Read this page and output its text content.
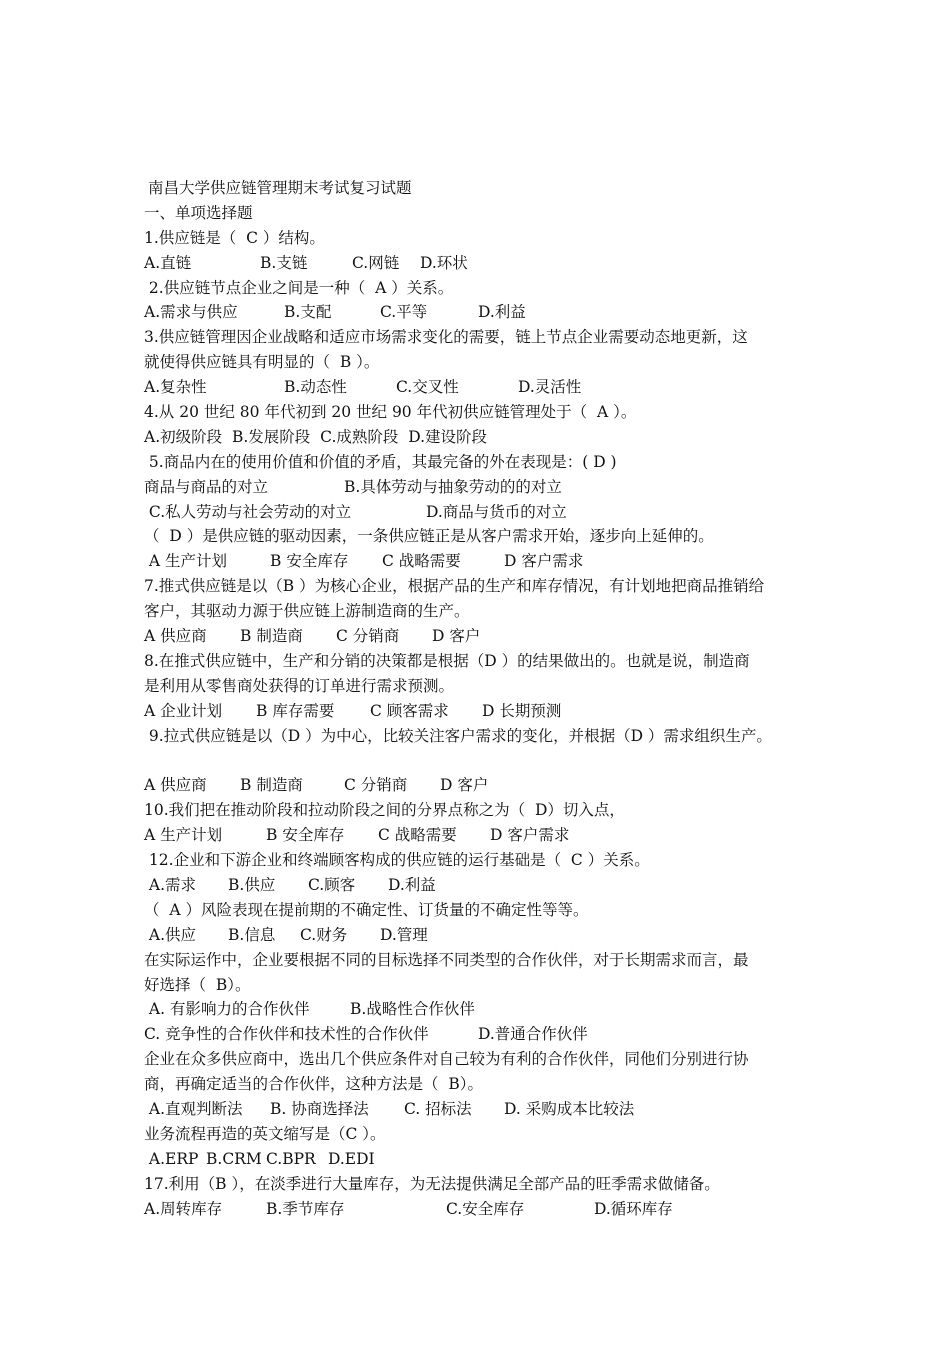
南昌大学供应链管理期末考试复习试题
一、单项选择题
1.供应链是（  C ）结构。

A.直链

	B.支链

	C.网链

D.环状

2.供应链节点企业之间是一种（  A ）关系。

A.需求与供应

	B.支配

	C.平等

	D.利益

3.供应链管理因企业战略和适应市场需求变化的需要，链上节点企业需要动态地更新，这
就使得供应链具有明显的（  B ）。

A.复杂性

	B.动态性

	C.交叉性

	D.灵活性

4.从 20 世纪 80 年代初到 20 世纪 90 年代初供应链管理处于（  A ）。
A.初级阶段  B.发展阶段  C.成熟阶段  D.建设阶段
5.商品内在的使用价值和价值的矛盾，其最完备的外在表现是：( D )

商品与商品的对立

	B.具体劳动与抽象劳动的的对立

C.私人劳动与社会劳动的对立

	D.商品与货币的对立

（  D ）是供应链的驱动因素，一条供应链正是从客户需求开始，逐步向上延伸的。

A 生产计划

	B 安全库存

C 战略需要

	D 客户需求

7.推式供应链是以（B ）为核心企业，根据产品的生产和库存情况，有计划地把商品推销给
客户，其驱动力源于供应链上游制造商的生产。

A 供应商

B 制造商

C 分销商

D 客户

8.在推式供应链中，生产和分销的决策都是根据（D ）的结果做出的。也就是说，制造商
是利用从零售商处获得的订单进行需求预测。

A 企业计划

B 库存需要

C 顾客需求

D 长期预测

9.拉式供应链是以（D ）为中心，比较关注客户需求的变化，并根据（D ）需求组织生产。

A 供应商

B 制造商

	C 分销商

D 客户

10.我们把在推动阶段和拉动阶段之间的分界点称之为（  D）切入点，

A 生产计划

	B 安全库存

C 战略需要

D 客户需求

12.企业和下游企业和终端顾客构成的供应链的运行基础是（  C ）关系。

A.需求

B.供应

C.顾客

D.利益

（  A ）风险表现在提前期的不确定性、订货量的不确定性等等。

A.供应

B.信息

C.财务

D.管理

在实际运作中，企业要根据不同的目标选择不同类型的合作伙伴，对于长期需求而言，最
好选择（  B）。

A. 有影响力的合作伙伴

	B.战略性合作伙伴

C. 竞争性的合作伙伴和技术性的合作伙伴

	D.普通合作伙伴

企业在众多供应商中，选出几个供应条件对自己较为有利的合作伙伴，同他们分别进行协
商，再确定适当的合作伙伴，这种方法是（  B）。

A.直观判断法

B. 协商选择法

C. 招标法

D. 采购成本比较法

业务流程再造的英文缩写是（C ）。

A.ERP

B.CRM

C.BPR

D.EDI

17.利用（B ），在淡季进行大量库存，为无法提供满足全部产品的旺季需求做储备。

A.周转库存

	B.季节库存

	C.安全库存

	D.循环库存
